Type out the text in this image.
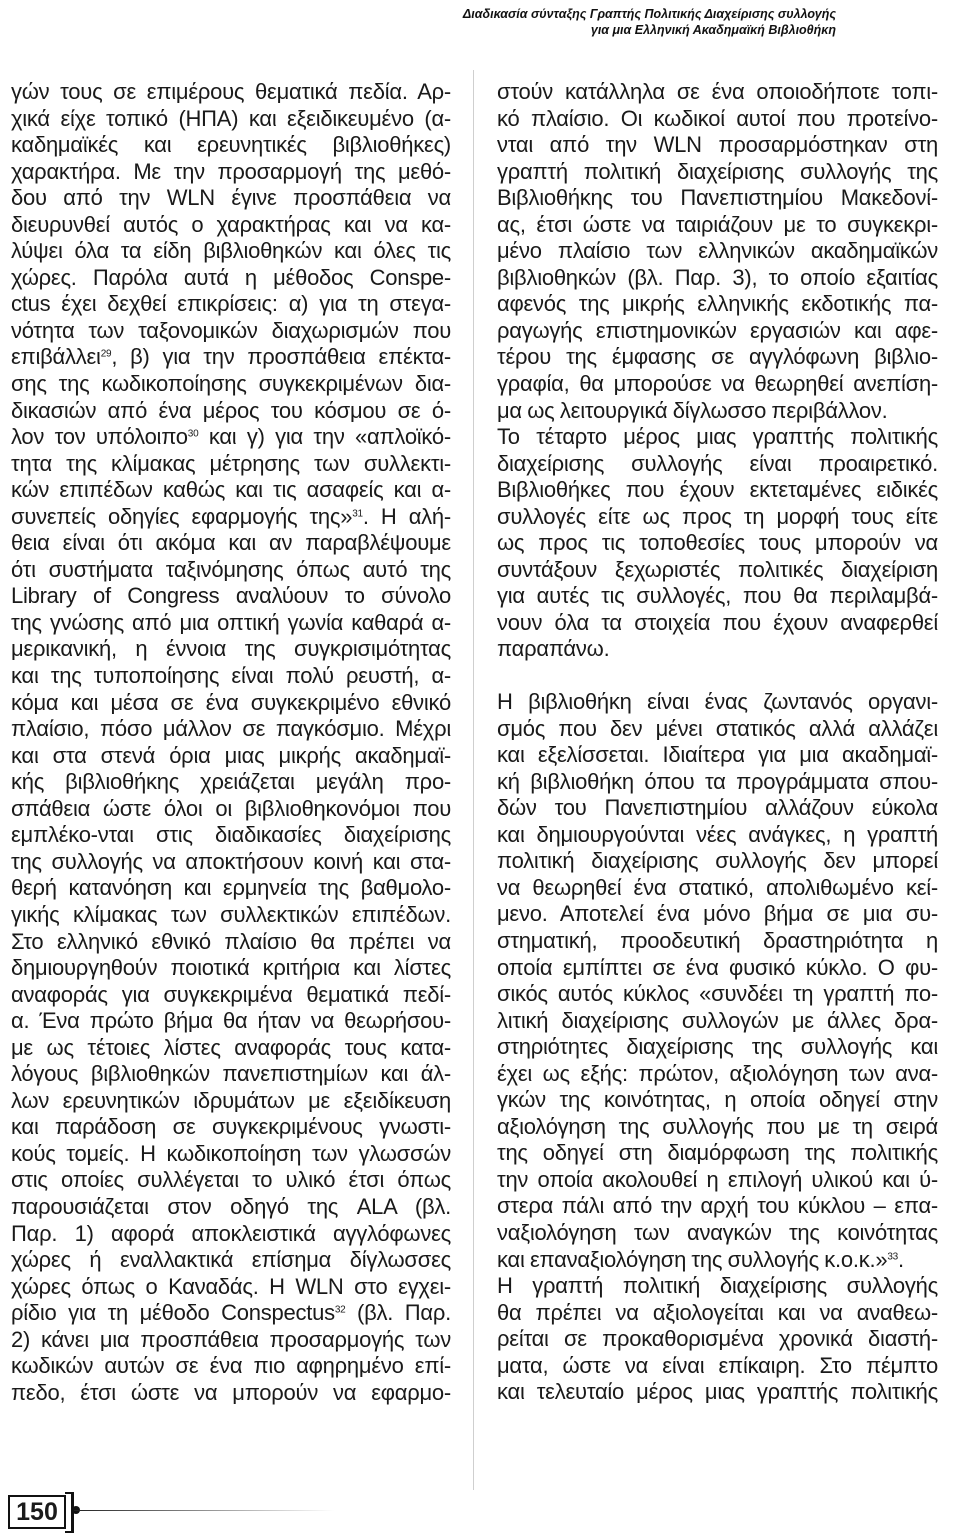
Διαδικασία σύνταξης Γραπτής Πολιτικής Διαχείρισης συλλογής
για μια Ελληνική Ακαδημαϊκή Βιβλιοθήκη

γών τους σε επιμέρους θεματικά πεδία. Αρ-
χικά είχε τοπικό (ΗΠΑ) και εξειδικευμένο (α-
καδημαϊκές και ερευνητικές βιβλιοθήκες)
χαρακτήρα. Με την προσαρμογή της μεθό-
δου από την WLN έγινε προσπάθεια να
διευρυνθεί αυτός ο χαρακτήρας και να κα-
λύψει όλα τα είδη βιβλιοθηκών και όλες τις
χώρες. Παρόλα αυτά η μέθοδος Conspe-
ctus έχει δεχθεί επικρίσεις: α) για τη στεγα-
νότητα των ταξονομικών διαχωρισμών που
επιβάλλει$^{29}$, β) για την προσπάθεια επέκτα-
σης της κωδικοποίησης συγκεκριμένων δια-
δικασιών από ένα μέρος του κόσμου σε ό-
λον τον υπόλοιπο$^{30}$ και γ) για την «απλοϊκό-
τητα της κλίμακας μέτρησης των συλλεκτι-
κών επιπέδων καθώς και τις ασαφείς και α-
συνεπείς οδηγίες εφαρμογής της»$^{31}$. Η αλή-
θεια είναι ότι ακόμα και αν παραβλέψουμε
ότι συστήματα ταξινόμησης όπως αυτό της
Library of Congress αναλύουν το σύνολο
της γνώσης από μια οπτική γωνία καθαρά α-
μερικανική, η έννοια της συγκρισιμότητας
και της τυποποίησης είναι πολύ ρευστή, α-
κόμα και μέσα σε ένα συγκεκριμένο εθνικό
πλαίσιο, πόσο μάλλον σε παγκόσμιο. Μέχρι
και στα στενά όρια μιας μικρής ακαδημαϊ-
κής βιβλιοθήκης χρειάζεται μεγάλη προ-
σπάθεια ώστε όλοι οι βιβλιοθηκονόμοι που
εμπλέκο-νται στις διαδικασίες διαχείρισης
της συλλογής να αποκτήσουν κοινή και στα-
θερή κατανόηση και ερμηνεία της βαθμολο-
γικής κλίμακας των συλλεκτικών επιπέδων.
Στο ελληνικό εθνικό πλαίσιο θα πρέπει να
δημιουργηθούν ποιοτικά κριτήρια και λίστες
αναφοράς για συγκεκριμένα θεματικά πεδί-
α. Ένα πρώτο βήμα θα ήταν να θεωρήσου-
με ως τέτοιες λίστες αναφοράς τους κατα-
λόγους βιβλιοθηκών πανεπιστημίων και άλ-
λων ερευνητικών ιδρυμάτων με εξειδίκευση
και παράδοση σε συγκεκριμένους γνωστι-
κούς τομείς. Η κωδικοποίηση των γλωσσών
στις οποίες συλλέγεται το υλικό έτσι όπως
παρουσιάζεται στον οδηγό της ALA (βλ.
Παρ. 1) αφορά αποκλειστικά αγγλόφωνες
χώρες ή εναλλακτικά επίσημα δίγλωσσες
χώρες όπως ο Καναδάς. Η WLN στο εγχει-
ρίδιο για τη μέθοδο Conspectus$^{32}$ (βλ. Παρ.
2) κάνει μια προσπάθεια προσαρμογής των
κωδικών αυτών σε ένα πιο αφηρημένο επί-
πεδο, έτσι ώστε να μπορούν να εφαρμο-

στούν κατάλληλα σε ένα οποιοδήποτε τοπι-
κό πλαίσιο. Οι κωδικοί αυτοί που προτείνο-
νται από την WLN προσαρμόστηκαν στη
γραπτή πολιτική διαχείρισης συλλογής της
Βιβλιοθήκης του Πανεπιστημίου Μακεδονί-
ας, έτσι ώστε να ταιριάζουν με το συγκεκρι-
μένο πλαίσιο των ελληνικών ακαδημαϊκών
βιβλιοθηκών (βλ. Παρ. 3), το οποίο εξαιτίας
αφενός της μικρής ελληνικής εκδοτικής πα-
ραγωγής επιστημονικών εργασιών και αφε-
τέρου της έμφασης σε αγγλόφωνη βιβλιο-
γραφία, θα μπορούσε να θεωρηθεί ανεπίση-
μα ως λειτουργικά δίγλωσσο περιβάλλον.
Το τέταρτο μέρος μιας γραπτής πολιτικής
διαχείρισης συλλογής είναι προαιρετικό.
Βιβλιοθήκες που έχουν εκτεταμένες ειδικές
συλλογές είτε ως προς τη μορφή τους είτε
ως προς τις τοποθεσίες τους μπορούν να
συντάξουν ξεχωριστές πολιτικές διαχείριση
για αυτές τις συλλογές, που θα περιλαμβά-
νουν όλα τα στοιχεία που έχουν αναφερθεί
παραπάνω.

Η βιβλιοθήκη είναι ένας ζωντανός οργανι-
σμός που δεν μένει στατικός αλλά αλλάζει
και εξελίσσεται. Ιδιαίτερα για μια ακαδημαϊ-
κή βιβλιοθήκη όπου τα προγράμματα σπου-
δών του Πανεπιστημίου αλλάζουν εύκολα
και δημιουργούνται νέες ανάγκες, η γραπτή
πολιτική διαχείρισης συλλογής δεν μπορεί
να θεωρηθεί ένα στατικό, απολιθωμένο κεί-
μενο. Αποτελεί ένα μόνο βήμα σε μια συ-
στηματική, προοδευτική δραστηριότητα η
οποία εμπίπτει σε ένα φυσικό κύκλο. Ο φυ-
σικός αυτός κύκλος «συνδέει τη γραπτή πο-
λιτική διαχείρισης συλλογών με άλλες δρα-
στηριότητες διαχείρισης της συλλογής και
έχει ως εξής: πρώτον, αξιολόγηση των ανα-
γκών της κοινότητας, η οποία οδηγεί στην
αξιολόγηση της συλλογής που με τη σειρά
της οδηγεί στη διαμόρφωση της πολιτικής
την οποία ακολουθεί η επιλογή υλικού και ύ-
στερα πάλι από την αρχή του κύκλου – επα-
ναξιολόγηση των αναγκών της κοινότητας
και επαναξιολόγηση της συλλογής κ.ο.κ.»$^{33}$.
Η γραπτή πολιτική διαχείρισης συλλογής
θα πρέπει να αξιολογείται και να αναθεω-
ρείται σε προκαθορισμένα χρονικά διαστή-
ματα, ώστε να είναι επίκαιρη. Στο πέμπτο
και τελευταίο μέρος μιας γραπτής πολιτικής

150
